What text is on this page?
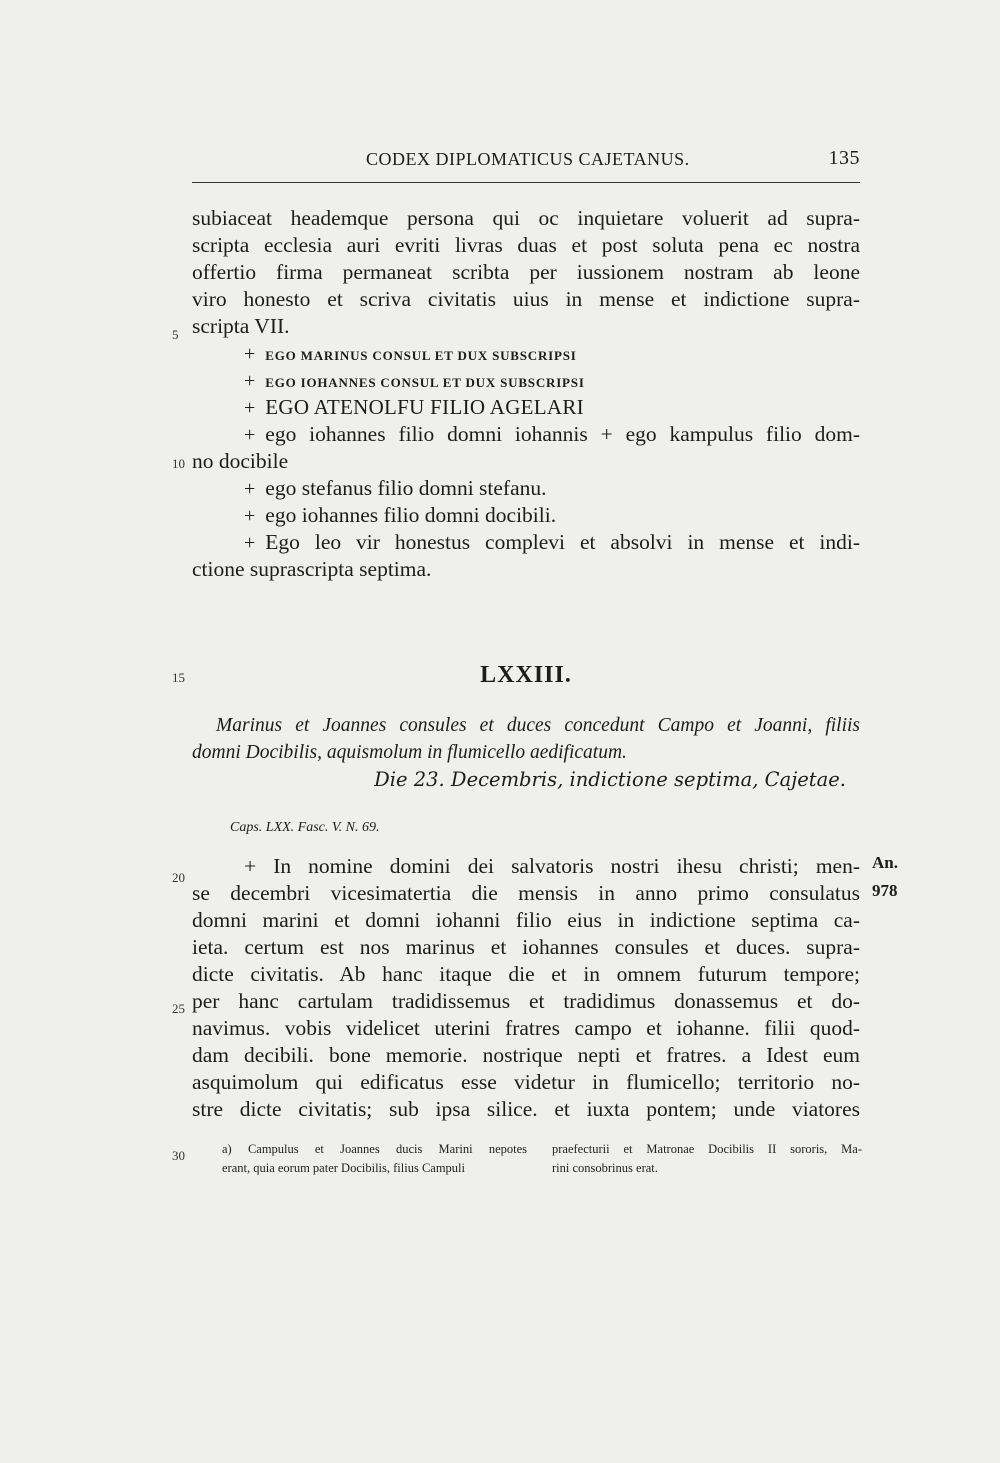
CODEX DIPLOMATICUS CAJETANUS.	135
5
10
15
20
25
30
subiaceat heademque persona qui oc inquietare voluerit ad supra-
scripta ecclesia auri evriti livras duas et post soluta pena ec nostra
offertio firma permaneat scribta per iussionem nostram ab leone
viro honesto et scriva civitatis uius in mense et indictione supra-
scripta VII.
+ EGO MARINUS CONSUL ET DUX SUBSCRIPSI
+ EGO IOHANNES CONSUL ET DUX SUBSCRIPSI
+ EGO ATENOLFU FILIO AGELARI
+ ego iohannes filio domni iohannis + ego kampulus filio dom-
no docibile
+ ego stefanus filio domni stefanu.
+ ego iohannes filio domni docibili.
+ Ego leo vir honestus complevi et absolvi in mense et indi-
ctione suprascripta septima.
LXXIII.
Marinus et Joannes consules et duces concedunt Campo et Joanni, filiis
domni Docibilis, aquismolum in flumicello aedificatum.
Die 23. Decembris, indictione septima, Cajetae.
Caps. LXX. Fasc. V. N. 69.
+ In nomine domini dei salvatoris nostri ihesu christi; men-
se decembri vicesimatertia die mensis in anno primo consulatus
domni marini et domni iohanni filio eius in indictione septima ca-
ieta. certum est nos marinus et iohannes consules et duces. supra-
dicte civitatis. Ab hanc itaque die et in omnem futurum tempore;
per hanc cartulam tradidissemus et tradidimus donassemus et do-
navimus. vobis videlicet uterini fratres campo et iohanne. filii quod-
dam decibili. bone memorie. nostrique nepti et fratres. a Idest eum
asquimolum qui edificatus esse videtur in flumicello; territorio no-
stre dicte civitatis; sub ipsa silice. et iuxta pontem; unde viatores
An.
978
a) Campulus et Joannes ducis Marini nepotes
erant, quia eorum pater Docibilis, filius Campuli
praefecturii et Matronae Docibilis II sororis, Ma-
rini consobrinus erat.
